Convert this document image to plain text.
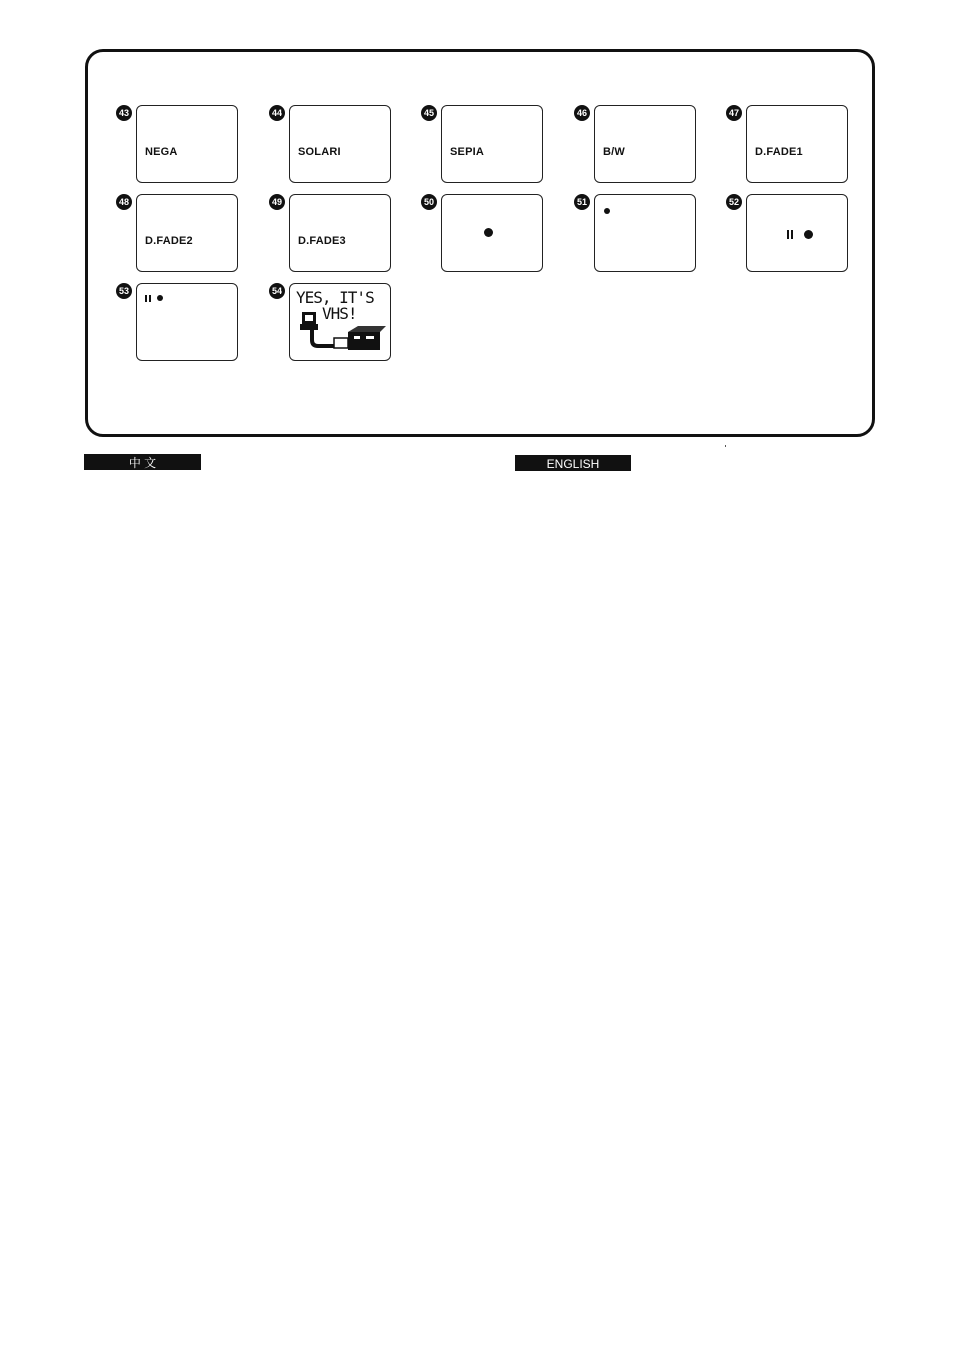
43
NEGA
44
SOLARI
45
SEPIA
46
B/W
47
D.FADE1
48
D.FADE2
49
D.FADE3
50	51	52
53	54 YES, IT'S
VHS!
中 文	ENGLISH
